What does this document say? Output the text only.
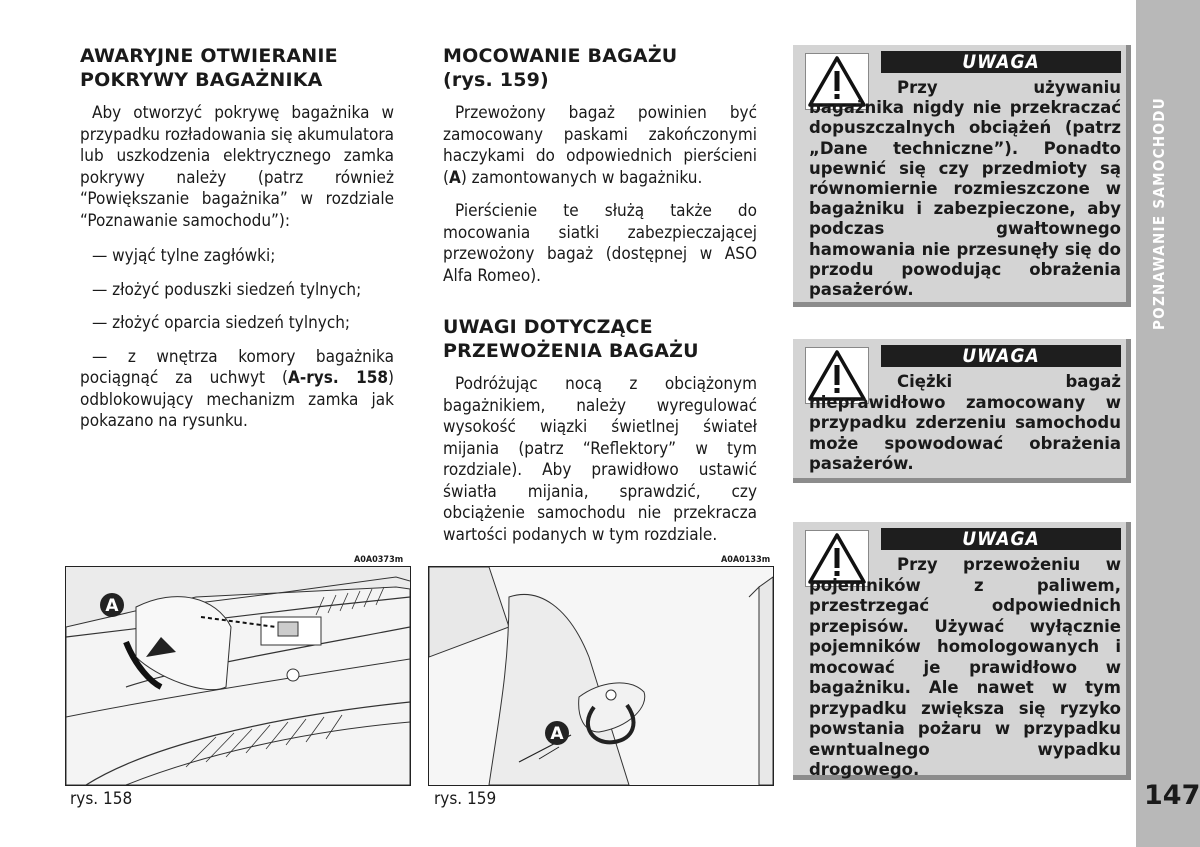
AWARYJNE OTWIERANIE
POKRYWY BAGAŻNIKA

Aby otworzyć pokrywę bagażnika w przypadku rozładowania się akumulatora lub uszkodzenia elektrycznego zamka pokrywy należy (patrz również “Powiększanie bagażnika” w rozdziale “Poznawanie samochodu”):

— wyjąć tylne zagłówki;

— złożyć poduszki siedzeń tylnych;

— złożyć oparcia siedzeń tylnych;

— z wnętrza komory bagażnika pociągnąć za uchwyt (A-rys. 158) odblokowujący mechanizm zamka jak pokazano na rysunku.

MOCOWANIE BAGAŻU
(rys. 159)

Przewożony bagaż powinien być zamocowany paskami zakończonymi haczykami do odpowiednich pierścieni (A) zamontowanych w bagażniku.

Pierścienie te służą także do mocowania siatki zabezpieczającej przewożony bagaż (dostępnej w ASO Alfa Romeo).

UWAGI DOTYCZĄCE
PRZEWOŻENIA BAGAŻU

Podróżując nocą z obciążonym bagażnikiem, należy wyregulować wysokość wiązki świetlnej świateł mijania (patrz “Reflektory” w tym rozdziale). Aby prawidłowo ustawić światła mijania, sprawdzić, czy obciążenie samochodu nie przekracza wartości podanych w tym rozdziale.

A0A0373m
A
rys. 158
A0A0133m
A
rys. 159
UWAGA

Przy używaniu bagażnika nigdy nie przekraczać dopuszczalnych obciążeń (patrz „Dane techniczne”). Ponadto upewnić się czy przedmioty są równomiernie rozmieszczone w bagażniku i zabezpieczone, aby podczas gwałtownego hamowania nie przesunęły się do przodu powodując obrażenia pasażerów.

UWAGA

Ciężki bagaż nieprawidłowo zamocowany w przypadku zderzeniu samochodu może spowodować obrażenia pasażerów.

UWAGA

Przy przewożeniu w pojemników z paliwem, przestrzegać odpowiednich przepisów. Używać wyłącznie pojemników homologowanych i mocować je prawidłowo w bagażniku. Ale nawet w tym przypadku zwiększa się ryzyko powstania pożaru w przypadku ewntualnego wypadku drogowego.

147
